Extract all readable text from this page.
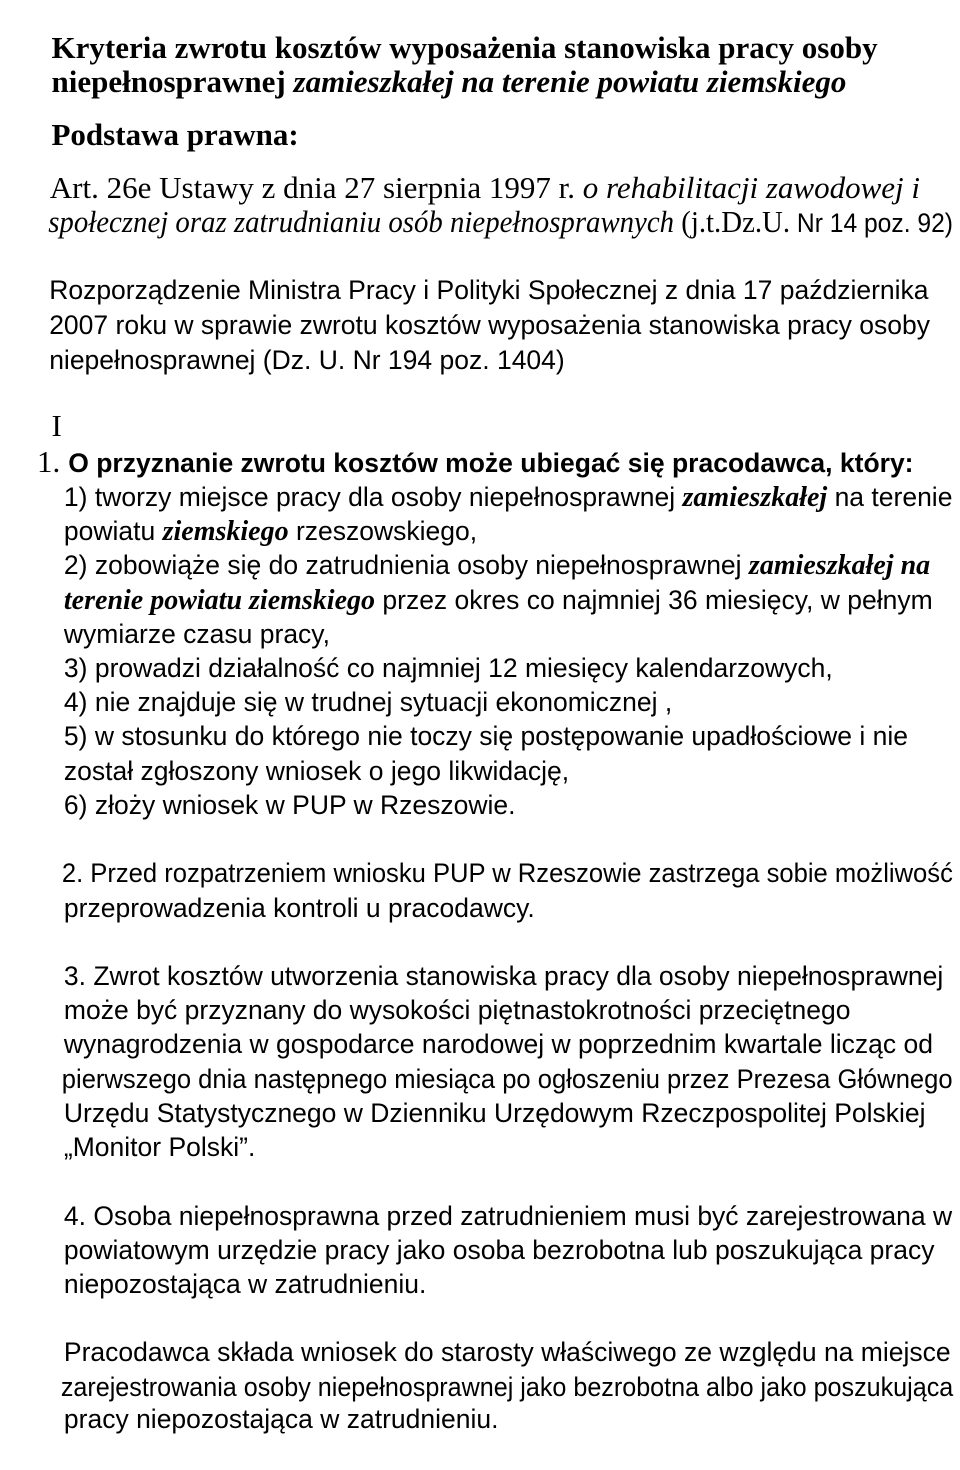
Kryteria zwrotu kosztów wyposażenia stanowiska pracy osoby

niepełnosprawnej zamieszkałej na terenie powiatu ziemskiego

Podstawa prawna:

Art. 26e Ustawy z dnia 27 sierpnia 1997 r. o rehabilitacji zawodowej i

społecznej oraz zatrudnianiu osób niepełnosprawnych (j.t.Dz.U. Nr 14 poz. 92)

Rozporządzenie Ministra Pracy i Polityki Społecznej z dnia 17 października

2007 roku w sprawie zwrotu kosztów wyposażenia stanowiska pracy osoby

niepełnosprawnej (Dz. U. Nr 194 poz. 1404)

I

1. O przyznanie zwrotu kosztów może ubiegać się pracodawca, który:

1) tworzy miejsce pracy dla osoby niepełnosprawnej zamieszkałej na terenie

powiatu ziemskiego rzeszowskiego,

2) zobowiąże się do zatrudnienia osoby niepełnosprawnej zamieszkałej na

terenie powiatu ziemskiego przez okres co najmniej 36 miesięcy, w pełnym

wymiarze czasu pracy,

3) prowadzi działalność co najmniej 12 miesięcy kalendarzowych,

4) nie znajduje się w trudnej sytuacji ekonomicznej ,

5) w stosunku do którego nie toczy się postępowanie upadłościowe i nie

został zgłoszony wniosek o jego likwidację,

6) złoży wniosek w PUP w Rzeszowie.

2. Przed rozpatrzeniem wniosku PUP w Rzeszowie zastrzega sobie możliwość

przeprowadzenia kontroli u pracodawcy.

3. Zwrot kosztów utworzenia stanowiska pracy dla osoby niepełnosprawnej

może być przyznany do wysokości piętnastokrotności przeciętnego

wynagrodzenia w gospodarce narodowej w poprzednim kwartale licząc od

pierwszego dnia następnego miesiąca po ogłoszeniu przez Prezesa Głównego

Urzędu Statystycznego w Dzienniku Urzędowym Rzeczpospolitej Polskiej

„Monitor Polski”.

4. Osoba niepełnosprawna przed zatrudnieniem musi być zarejestrowana w

powiatowym urzędzie pracy jako osoba bezrobotna lub poszukująca pracy

niepozostająca w zatrudnieniu.

Pracodawca składa wniosek do starosty właściwego ze względu na miejsce

zarejestrowania osoby niepełnosprawnej jako bezrobotna albo jako poszukująca

pracy niepozostająca w zatrudnieniu.
